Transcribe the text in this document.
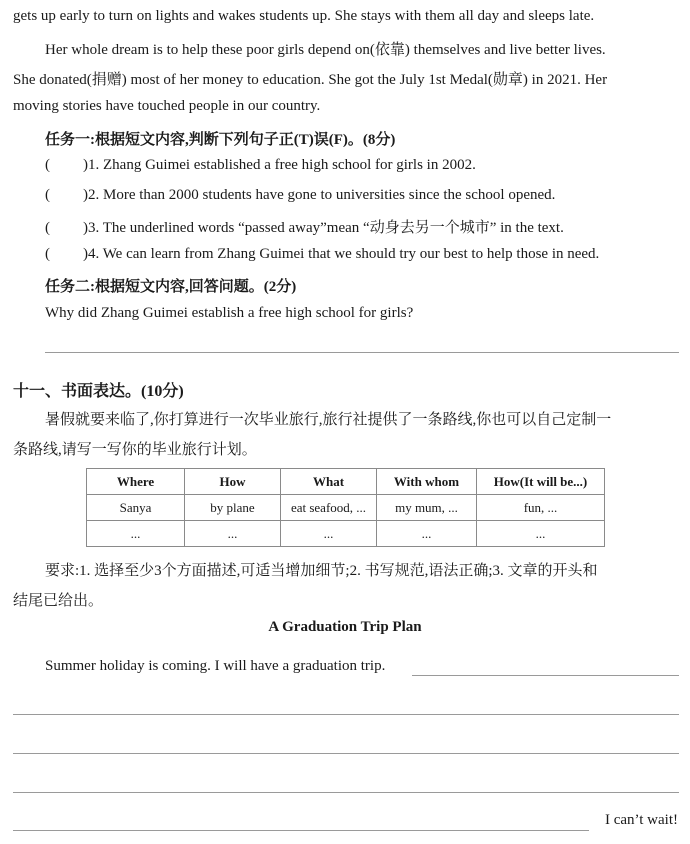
gets up early to turn on lights and wakes students up. She stays with them all day and sleeps late.
Her whole dream is to help these poor girls depend on(依靠) themselves and live better lives.
She donated(捐赠) most of her money to education. She got the July 1st Medal(勋章) in 2021. Her
moving stories have touched people in our country.
任务一:根据短文内容,判断下列句子正(T)误(F)。(8分)
( )1. Zhang Guimei established a free high school for girls in 2002.
( )2. More than 2000 students have gone to universities since the school opened.
( )3. The underlined words “passed away”mean “动身去另一个城市” in the text.
( )4. We can learn from Zhang Guimei that we should try our best to help those in need.
任务二:根据短文内容,回答问题。(2分)
Why did Zhang Guimei establish a free high school for girls?
十一、书面表达。(10分)
暑假就要来临了,你打算进行一次毕业旅行,旅行社提供了一条路线,你也可以自己定制一
条路线,请写一写你的毕业旅行计划。
Where	How	What	With whom	How(It will be...)
Sanya	by plane	eat seafood, ...	my mum, ...	fun, ...
...	...	...	...	...
要求:1. 选择至少3个方面描述,可适当增加细节;2. 书写规范,语法正确;3. 文章的开头和
结尾已给出。
A Graduation Trip Plan
Summer holiday is coming. I will have a graduation trip.
I can’t wait!
